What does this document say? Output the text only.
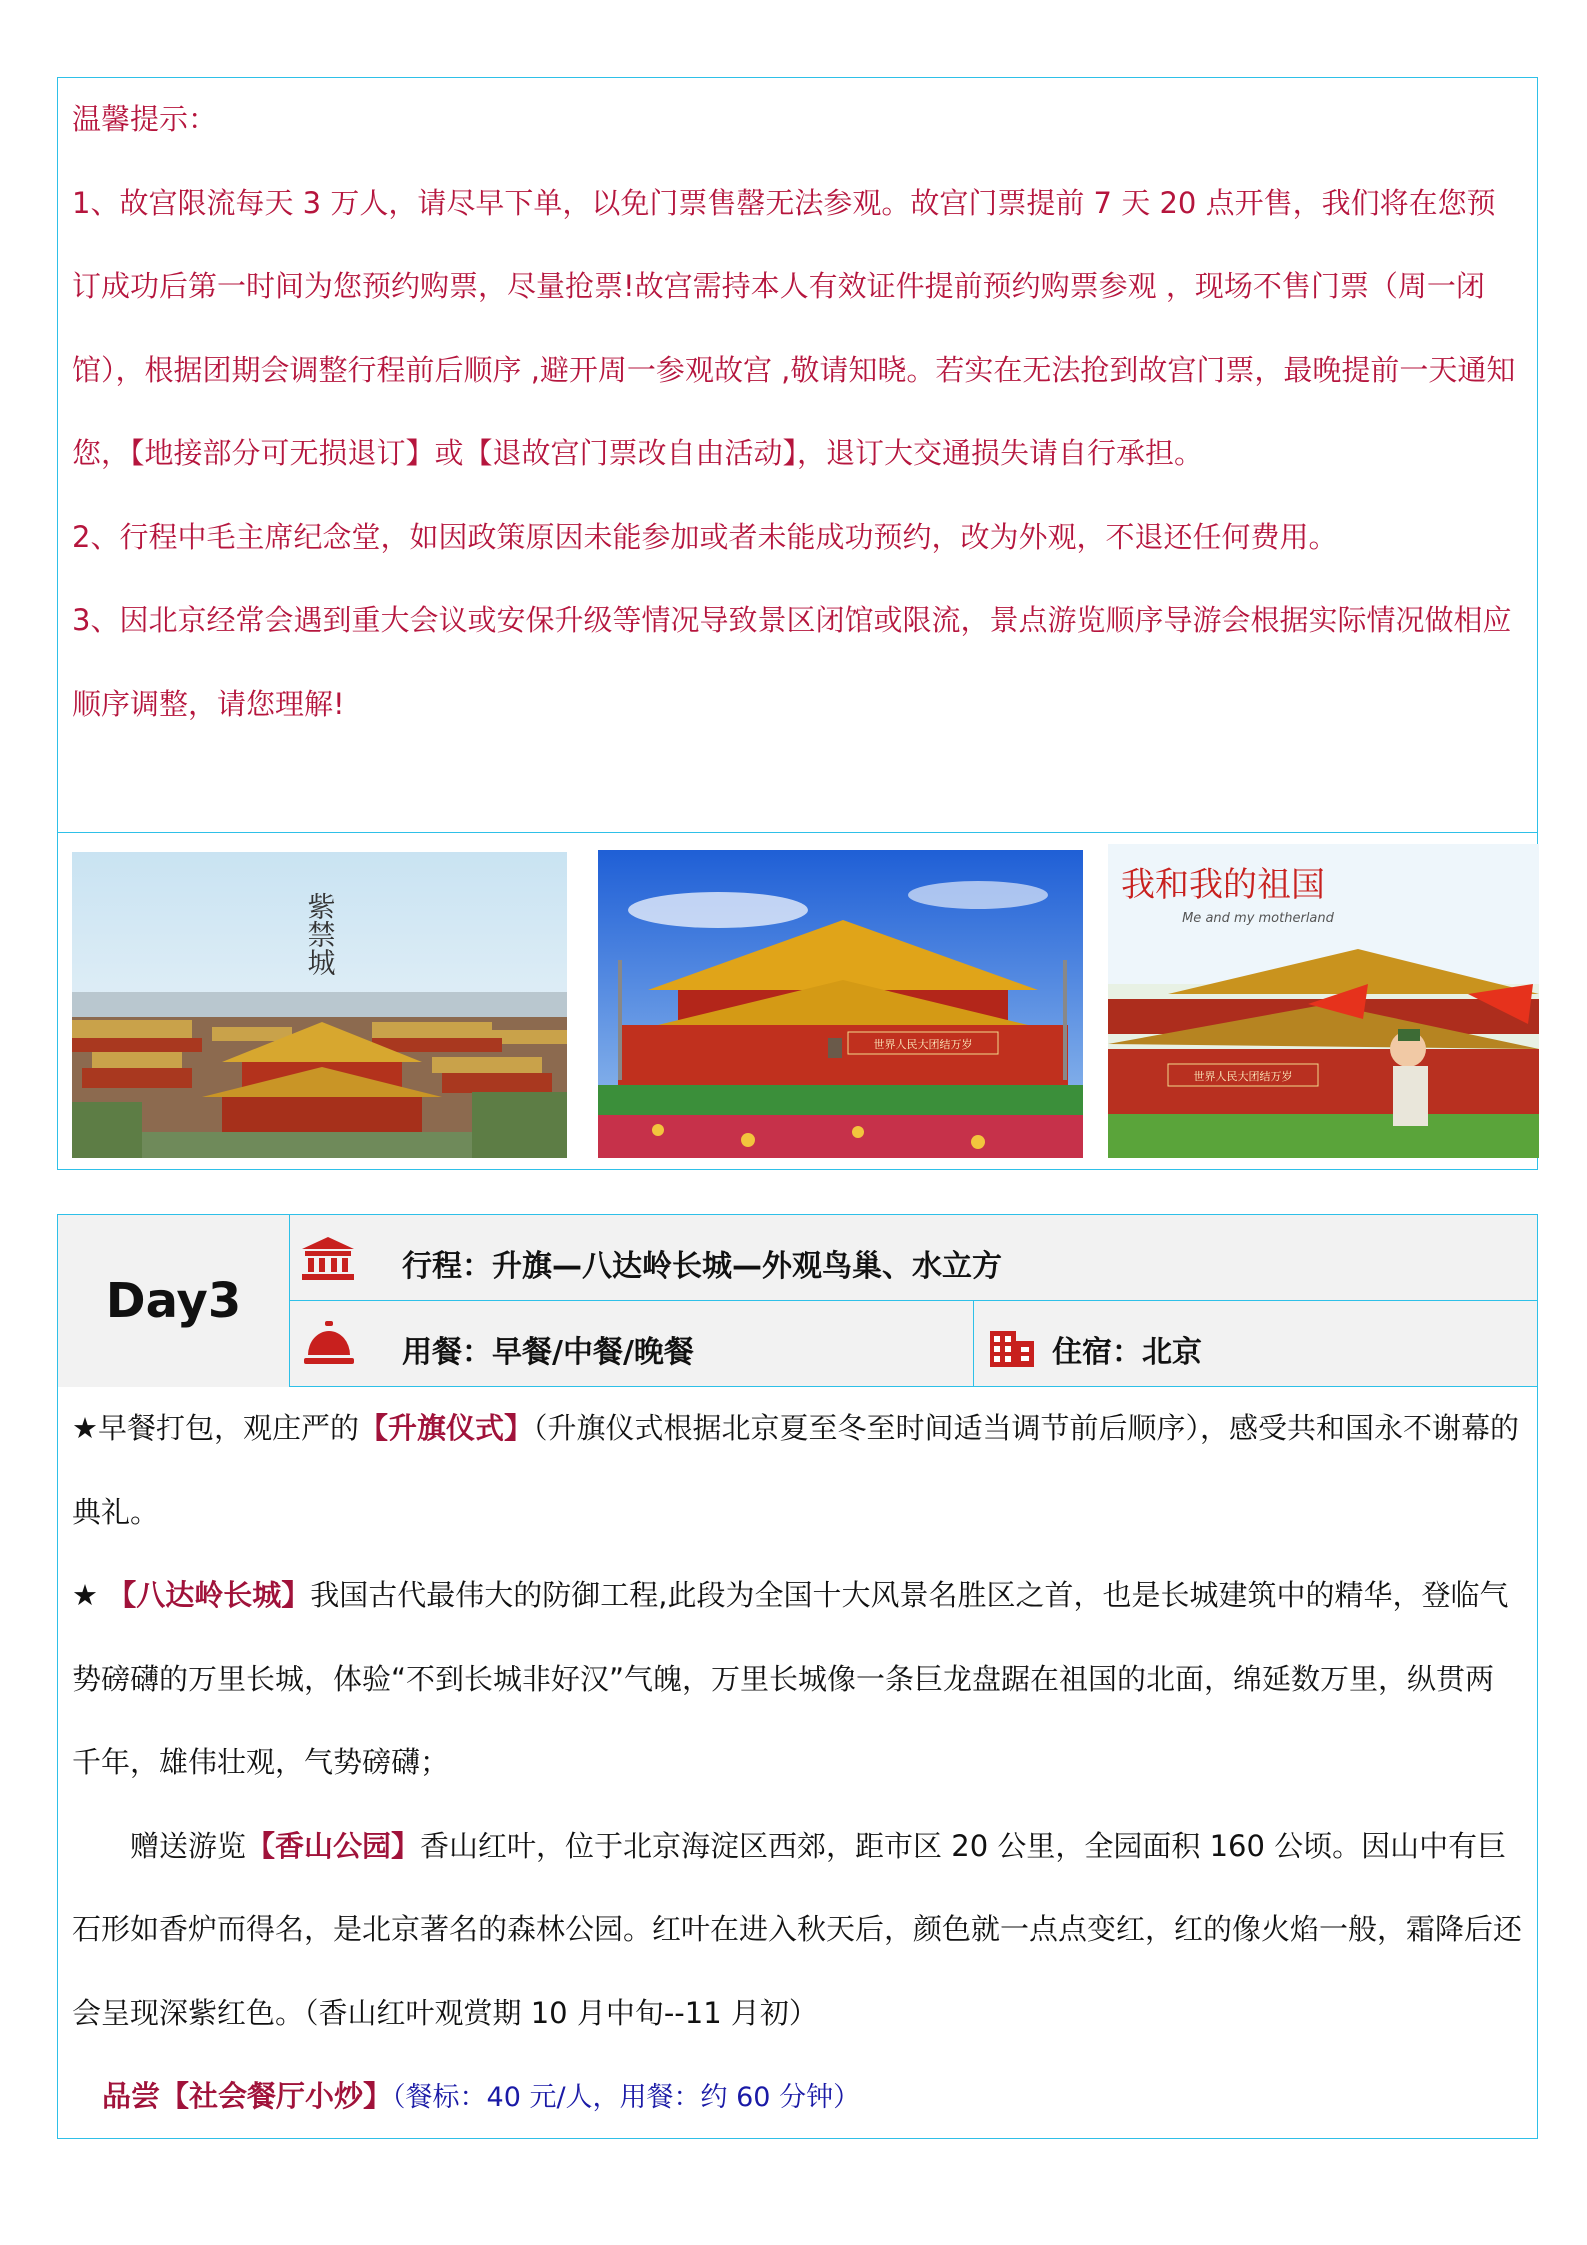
温馨提示：

1、故宫限流每天 3 万人，请尽早下单，以免门票售罄无法参观。故宫门票提前 7 天 20 点开售，我们将在您预订成功后第一时间为您预约购票，尽量抢票!故宫需持本人有效证件提前预约购票参观 ，现场不售门票（周一闭馆），根据团期会调整行程前后顺序 ,避开周一参观故宫 ,敬请知晓。若实在无法抢到故宫门票，最晚提前一天通知您，【地接部分可无损退订】或【退故宫门票改自由活动】，退订大交通损失请自行承担。

2、行程中毛主席纪念堂，如因政策原因未能参加或者未能成功预约，改为外观，不退还任何费用。

3、因北京经常会遇到重大会议或安保升级等情况导致景区闭馆或限流，景点游览顺序导游会根据实际情况做相应顺序调整，请您理解!

紫禁城
世界人民大团结万岁
我和我的祖国
Me and my motherland
世界人民大团结万岁
Day3
行程：升旗—八达岭长城—外观鸟巢、水立方
用餐：早餐/中餐/晚餐	住宿：北京

★早餐打包，观庄严的【升旗仪式】（升旗仪式根据北京夏至冬至时间适当调节前后顺序），感受共和国永不谢幕的典礼。

★ 【八达岭长城】我国古代最伟大的防御工程,此段为全国十大风景名胜区之首，也是长城建筑中的精华，登临气势磅礴的万里长城，体验“不到长城非好汉”气魄，万里长城像一条巨龙盘踞在祖国的北面，绵延数万里，纵贯两千年，雄伟壮观，气势磅礴；

赠送游览【香山公园】香山红叶，位于北京海淀区西郊，距市区 20 公里，全园面积 160 公顷。因山中有巨石形如香炉而得名，是北京著名的森林公园。红叶在进入秋天后，颜色就一点点变红，红的像火焰一般，霜降后还会呈现深紫红色。（香山红叶观赏期 10 月中旬--11 月初）

品尝【社会餐厅小炒】（餐标：40 元/人，用餐：约 60 分钟）
